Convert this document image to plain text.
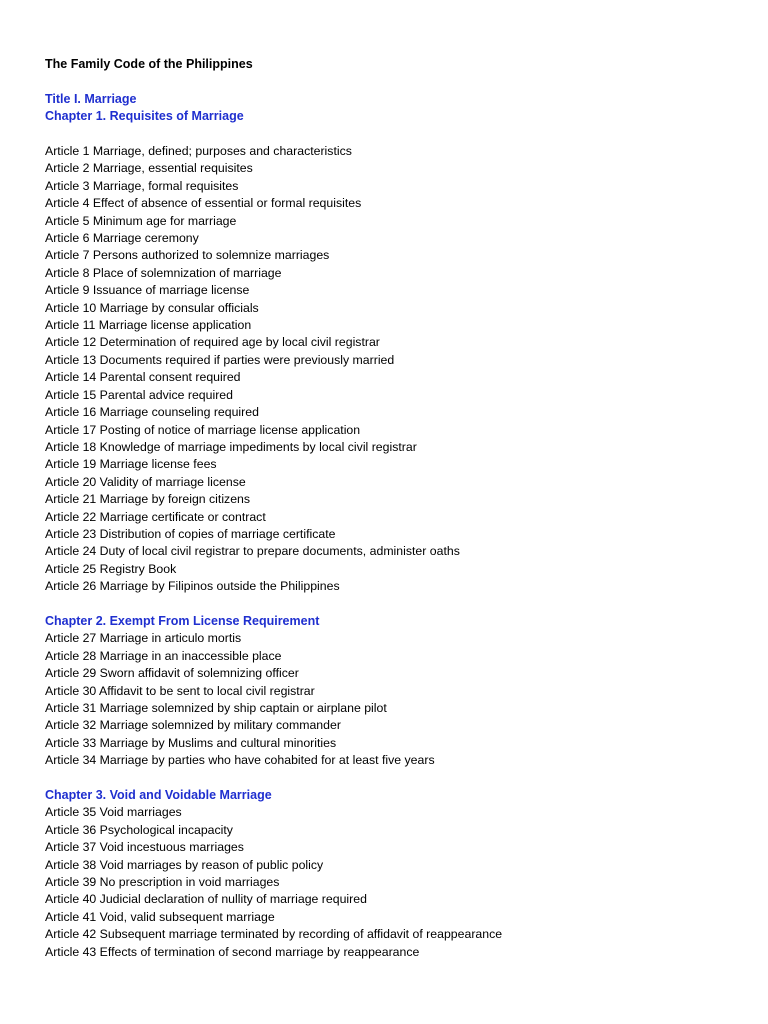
The Family Code of the Philippines

Title I. Marriage

Chapter 1. Requisites of Marriage

Article 1 Marriage, defined; purposes and characteristics
Article 2 Marriage, essential requisites
Article 3 Marriage, formal requisites
Article 4 Effect of absence of essential or formal requisites
Article 5 Minimum age for marriage
Article 6 Marriage ceremony
Article 7 Persons authorized to solemnize marriages
Article 8 Place of solemnization of marriage
Article 9 Issuance of marriage license
Article 10 Marriage by consular officials
Article 11 Marriage license application
Article 12 Determination of required age by local civil registrar
Article 13 Documents required if parties were previously married
Article 14 Parental consent required
Article 15 Parental advice required
Article 16 Marriage counseling required
Article 17 Posting of notice of marriage license application
Article 18 Knowledge of marriage impediments by local civil registrar
Article 19 Marriage license fees
Article 20 Validity of marriage license
Article 21 Marriage by foreign citizens
Article 22 Marriage certificate or contract
Article 23 Distribution of copies of marriage certificate
Article 24 Duty of local civil registrar to prepare documents, administer oaths
Article 25 Registry Book
Article 26 Marriage by Filipinos outside the Philippines

Chapter 2. Exempt From License Requirement

Article 27 Marriage in articulo mortis
Article 28 Marriage in an inaccessible place
Article 29 Sworn affidavit of solemnizing officer
Article 30 Affidavit to be sent to local civil registrar
Article 31 Marriage solemnized by ship captain or airplane pilot
Article 32 Marriage solemnized by military commander
Article 33 Marriage by Muslims and cultural minorities
Article 34 Marriage by parties who have cohabited for at least five years

Chapter 3. Void and Voidable Marriage

Article 35 Void marriages
Article 36 Psychological incapacity
Article 37 Void incestuous marriages
Article 38 Void marriages by reason of public policy
Article 39 No prescription in void marriages
Article 40 Judicial declaration of nullity of marriage required
Article 41 Void, valid subsequent marriage
Article 42 Subsequent marriage terminated by recording of affidavit of reappearance
Article 43 Effects of termination of second marriage by reappearance
